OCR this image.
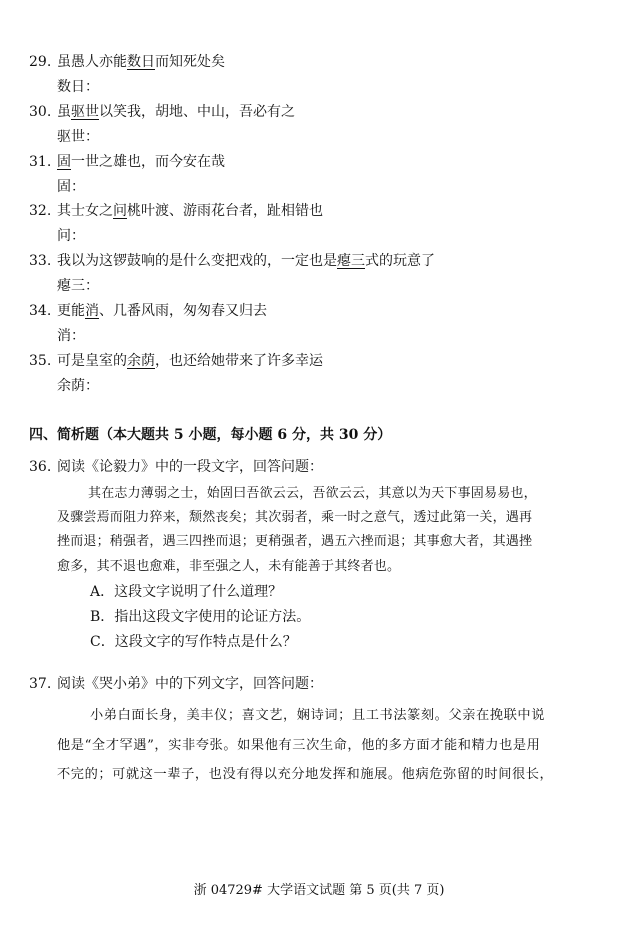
29. 虽愚人亦能数日而知死处矣
数日：
30. 虽驱世以笑我，胡地、中山，吾必有之
驱世：
31. 固一世之雄也，而今安在哉
固：
32. 其士女之问桃叶渡、游雨花台者，趾相错也
问：
33. 我以为这锣鼓响的是什么变把戏的，一定也是瘪三式的玩意了
瘪三：
34. 更能消、几番风雨，匆匆春又归去
消：
35. 可是皇室的余荫，也还给她带来了许多幸运
余荫：
四、简析题（本大题共 5 小题，每小题 6 分，共 30 分）
36. 阅读《论毅力》中的一段文字，回答问题：
其在志力薄弱之士，始固曰吾欲云云，吾欲云云，其意以为天下事固易易也，
及骤尝焉而阻力猝来，颓然丧矣；其次弱者，乘一时之意气，透过此第一关，遇再
挫而退；稍强者，遇三四挫而退；更稍强者，遇五六挫而退；其事愈大者，其遇挫
愈多，其不退也愈难，非至强之人，未有能善于其终者也。
A．这段文字说明了什么道理？
B．指出这段文字使用的论证方法。
C．这段文字的写作特点是什么？
37. 阅读《哭小弟》中的下列文字，回答问题：
小弟白面长身，美丰仪；喜文艺，娴诗词；且工书法篆刻。父亲在挽联中说
他是“全才罕遇”，实非夸张。如果他有三次生命，他的多方面才能和精力也是用
不完的；可就这一辈子，也没有得以充分地发挥和施展。他病危弥留的时间很长，
浙 04729# 大学语文试题 第 5 页(共 7 页)
